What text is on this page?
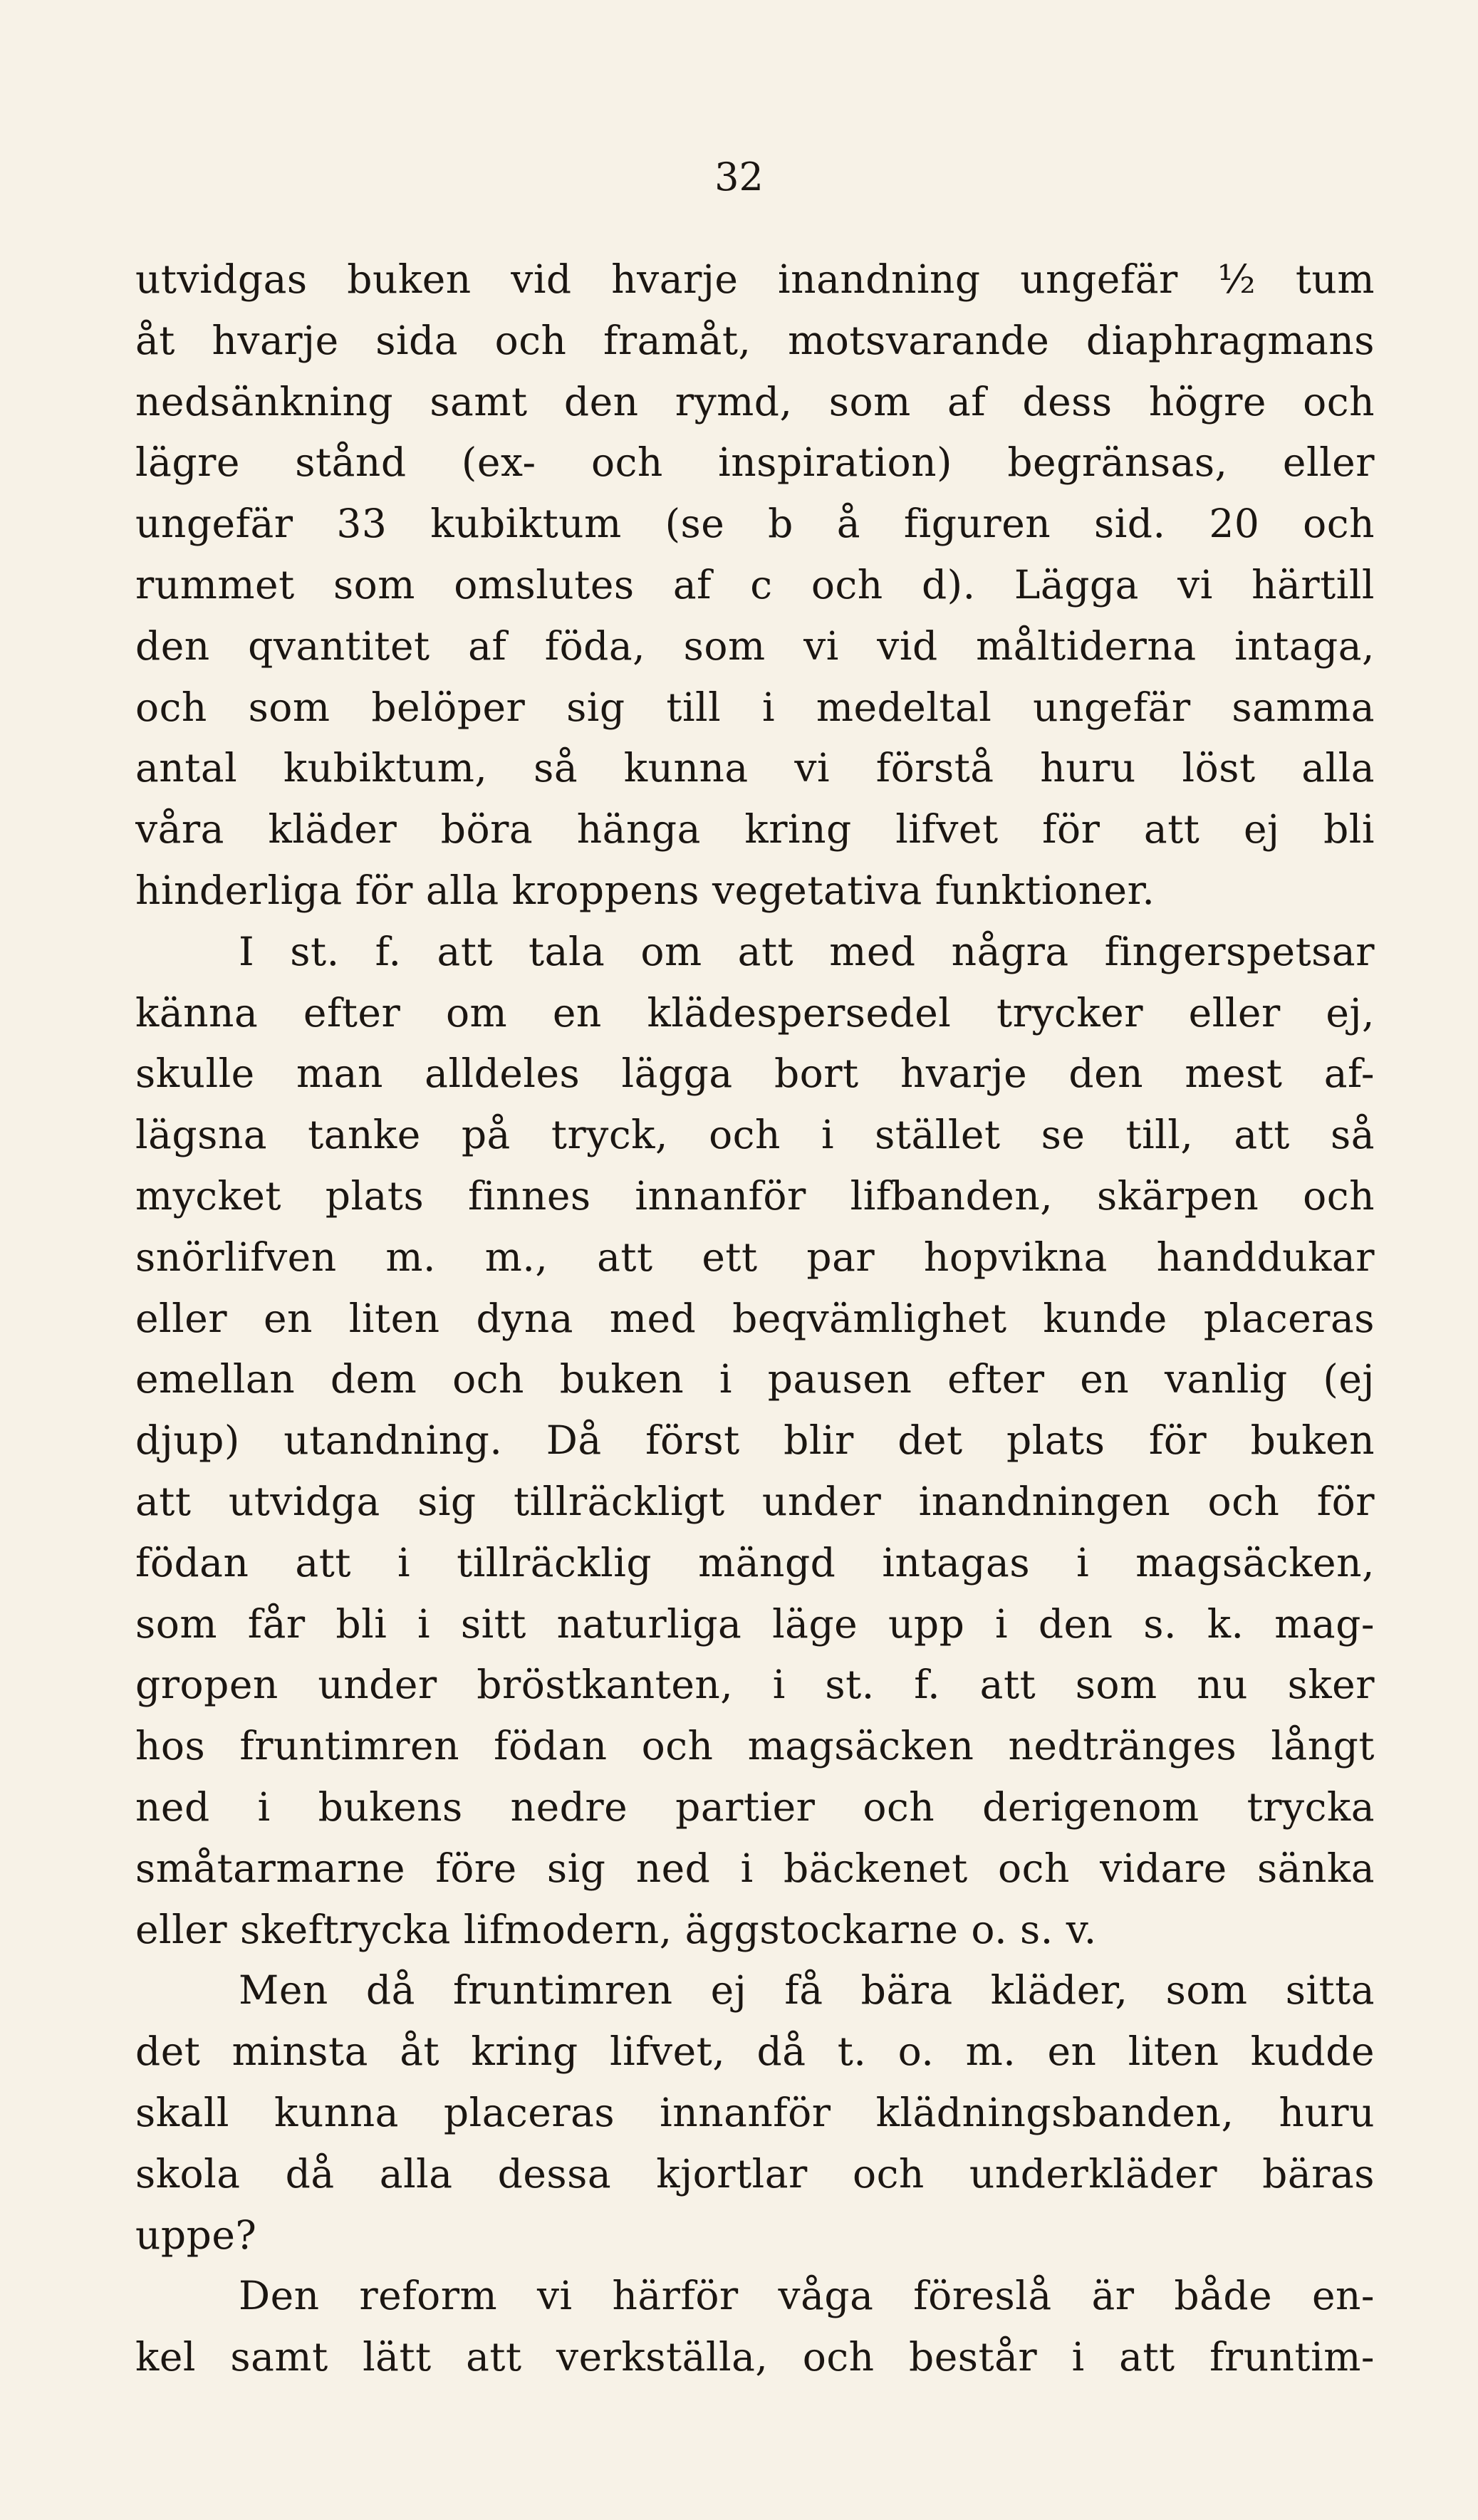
32
utvidgas buken vid hvarje inandning ungefär ½ tum
åt hvarje sida och framåt, motsvarande diaphragmans
nedsänkning samt den rymd, som af dess högre och
lägre stånd (ex- och inspiration) begränsas, eller
ungefär 33 kubiktum (se b å figuren sid. 20 och
rummet som omslutes af c och d). Lägga vi härtill
den qvantitet af föda, som vi vid måltiderna intaga,
och som belöper sig till i medeltal ungefär samma
antal kubiktum, så kunna vi förstå huru löst alla
våra kläder böra hänga kring lifvet för att ej bli
hinderliga för alla kroppens vegetativa funktioner.
I st. f. att tala om att med några fingerspetsar
känna efter om en klädespersedel trycker eller ej,
skulle man alldeles lägga bort hvarje den mest af-
lägsna tanke på tryck, och i stället se till, att så
mycket plats finnes innanför lifbanden, skärpen och
snörlifven m. m., att ett par hopvikna handdukar
eller en liten dyna med beqvämlighet kunde placeras
emellan dem och buken i pausen efter en vanlig (ej
djup) utandning. Då först blir det plats för buken
att utvidga sig tillräckligt under inandningen och för
födan att i tillräcklig mängd intagas i magsäcken,
som får bli i sitt naturliga läge upp i den s. k. mag-
gropen under bröstkanten, i st. f. att som nu sker
hos fruntimren födan och magsäcken nedtränges långt
ned i bukens nedre partier och derigenom trycka
småtarmarne före sig ned i bäckenet och vidare sänka
eller skeftrycka lifmodern, äggstockarne o. s. v.
Men då fruntimren ej få bära kläder, som sitta
det minsta åt kring lifvet, då t. o. m. en liten kudde
skall kunna placeras innanför klädningsbanden, huru
skola då alla dessa kjortlar och underkläder bäras
uppe?
Den reform vi härför våga föreslå är både en-
kel samt lätt att verkställa, och består i att fruntim-
